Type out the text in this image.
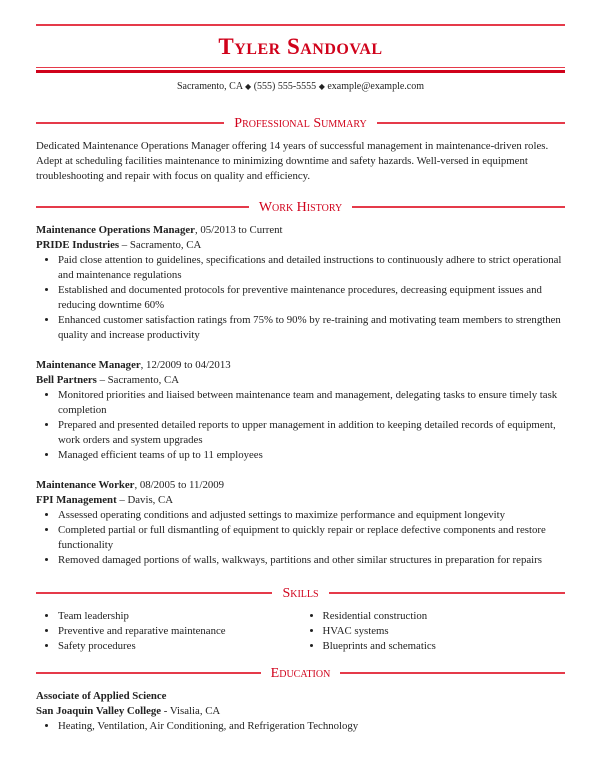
Tyler Sandoval
Sacramento, CA ◆ (555) 555-5555 ◆ example@example.com
Professional Summary

Dedicated Maintenance Operations Manager offering 14 years of successful management in maintenance-driven roles. Adept at scheduling facilities maintenance to minimizing downtime and safety hazards. Well-versed in equipment troubleshooting and repair with focus on quality and efficiency.

Work History
Maintenance Operations Manager, 05/2013 to Current
PRIDE Industries – Sacramento, CA
• Paid close attention to guidelines, specifications and detailed instructions to continuously adhere to strict operational and maintenance regulations
• Established and documented protocols for preventive maintenance procedures, decreasing equipment issues and reducing downtime 60%
• Enhanced customer satisfaction ratings from 75% to 90% by re-training and motivating team members to strengthen quality and increase productivity
Maintenance Manager, 12/2009 to 04/2013
Bell Partners – Sacramento, CA
• Monitored priorities and liaised between maintenance team and management, delegating tasks to ensure timely task completion
• Prepared and presented detailed reports to upper management in addition to keeping detailed records of equipment, work orders and system upgrades
• Managed efficient teams of up to 11 employees
Maintenance Worker, 08/2005 to 11/2009
FPI Management – Davis, CA
• Assessed operating conditions and adjusted settings to maximize performance and equipment longevity
• Completed partial or full dismantling of equipment to quickly repair or replace defective components and restore functionality
• Removed damaged portions of walls, walkways, partitions and other similar structures in preparation for repairs
Skills
• Team leadership
• Preventive and reparative maintenance
• Safety procedures
• Residential construction
• HVAC systems
• Blueprints and schematics
Education
Associate of Applied Science
San Joaquin Valley College - Visalia, CA
• Heating, Ventilation, Air Conditioning, and Refrigeration Technology
